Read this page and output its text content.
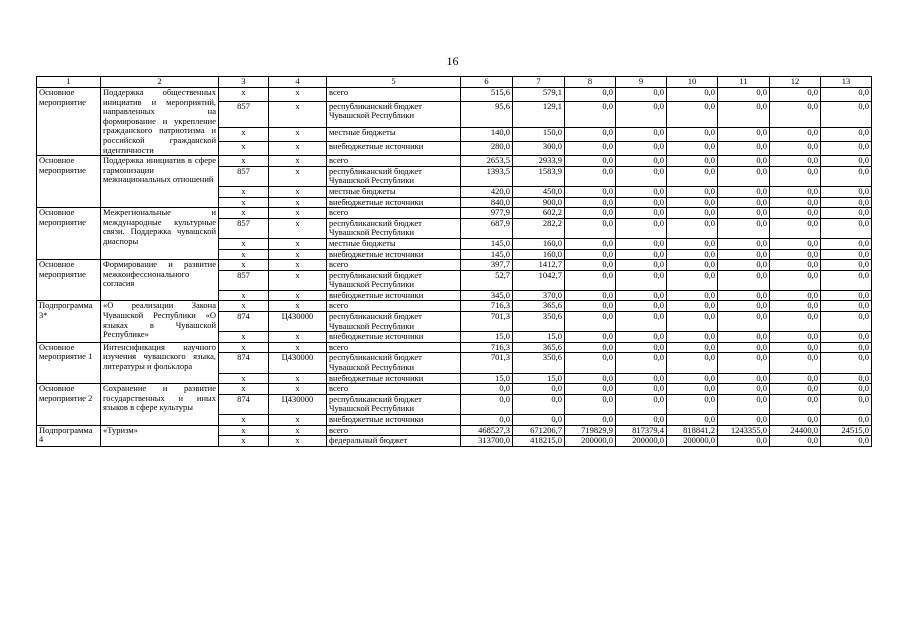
16
1	2	3	4	5	6	7	8	9	10	11	12	13
Основное мероприятие	Поддержка общественных инициатив и мероприятий, направленных на формирование и укрепление гражданского патриотизма и российской гражданской идентичности	x	x	всего	515,6	579,1	0,0	0,0	0,0	0,0	0,0	0,0
		857	x	республиканский бюджет Чувашской Республики	95,6	129,1	0,0	0,0	0,0	0,0	0,0	0,0
		x	x	местные бюджеты	140,0	150,0	0,0	0,0	0,0	0,0	0,0	0,0
		x	x	внебюджетные источники	280,0	300,0	0,0	0,0	0,0	0,0	0,0	0,0
Основное мероприятие	Поддержка инициатив в сфере гармонизации межнациональных отношений	x	x	всего	2653,5	2933,9	0,0	0,0	0,0	0,0	0,0	0,0
		857	x	республиканский бюджет Чувашской Республики	1393,5	1583,9	0,0	0,0	0,0	0,0	0,0	0,0
		x	x	местные бюджеты	420,0	450,0	0,0	0,0	0,0	0,0	0,0	0,0
		x	x	внебюджетные источники	840,0	900,0	0,0	0,0	0,0	0,0	0,0	0,0
Основное мероприятие	Межрегиональные и международные культурные связи. Поддержка чувашской диаспоры	x	x	всего	977,9	602,2	0,0	0,0	0,0	0,0	0,0	0,0
		857	x	республиканский бюджет Чувашской Республики	687,9	282,2	0,0	0,0	0,0	0,0	0,0	0,0
		x	x	местные бюджеты	145,0	160,0	0,0	0,0	0,0	0,0	0,0	0,0
		x	x	внебюджетные источники	145,0	160,0	0,0	0,0	0,0	0,0	0,0	0,0
Основное мероприятие	Формирование и развитие межконфессионального согласия	x	x	всего	397,7	1412,7	0,0	0,0	0,0	0,0	0,0	0,0
		857	x	республиканский бюджет Чувашской Республики	52,7	1042,7	0,0	0,0	0,0	0,0	0,0	0,0
		x	x	внебюджетные источники	345,0	370,0	0,0	0,0	0,0	0,0	0,0	0,0
Подпрограмма 3*	«О реализации Закона Чувашской Республики «О языках в Чувашской Республике»	x	x	всего	716,3	365,6	0,0	0,0	0,0	0,0	0,0	0,0
		874	Ц430000	республиканский бюджет Чувашской Республики	701,3	350,6	0,0	0,0	0,0	0,0	0,0	0,0
		x	x	внебюджетные источники	15,0	15,0	0,0	0,0	0,0	0,0	0,0	0,0
Основное мероприятие 1	Интенсификация научного изучения чувашского языка, литературы и фольклора	x	x	всего	716,3	365,6	0,0	0,0	0,0	0,0	0,0	0,0
		874	Ц430000	республиканский бюджет Чувашской Республики	701,3	350,6	0,0	0,0	0,0	0,0	0,0	0,0
		x	x	внебюджетные источники	15,0	15,0	0,0	0,0	0,0	0,0	0,0	0,0
Основное мероприятие 2	Сохранение и развитие государственных и иных языков в сфере культуры	x	x	всего	0,0	0,0	0,0	0,0	0,0	0,0	0,0	0,0
		874	Ц430000	республиканский бюджет Чувашской Республики	0,0	0,0	0,0	0,0	0,0	0,0	0,0	0,0
		x	x	внебюджетные источники	0,0	0,0	0,0	0,0	0,0	0,0	0,0	0,0
Подпрограмма 4	«Туризм»	x	x	всего	468527,3	671206,7	719829,9	817379,4	818841,2	1243355,0	24400,0	24515,0
		x	x	федеральный бюджет	313700,0	418215,0	200000,0	200000,0	200000,0	0,0	0,0	0,0
